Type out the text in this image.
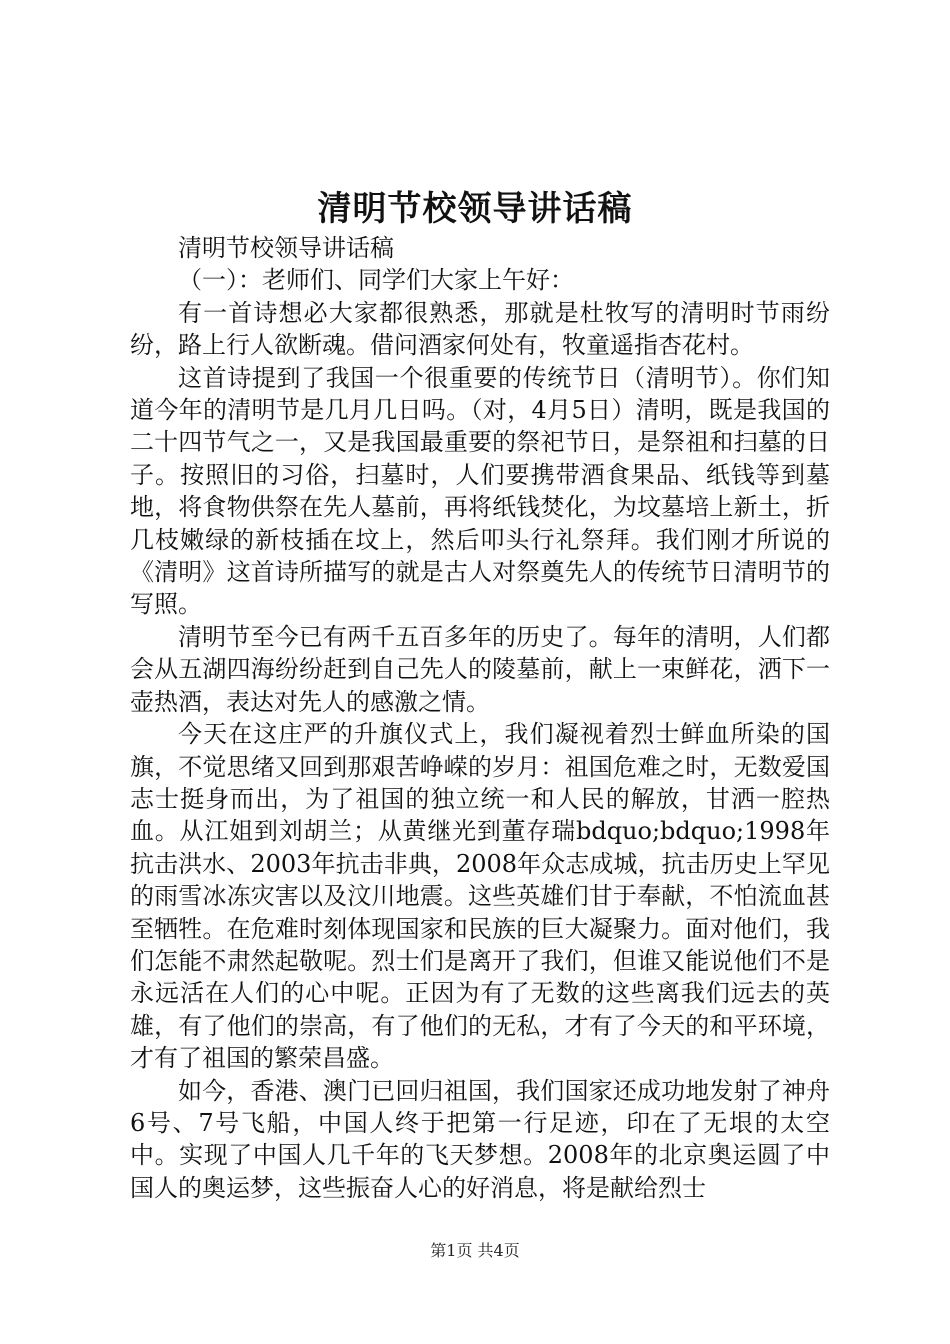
清明节校领导讲话稿

清明节校领导讲话稿

（一）：老师们、同学们大家上午好：

有一首诗想必大家都很熟悉，那就是杜牧写的清明时节雨纷纷，路上行人欲断魂。借问酒家何处有，牧童遥指杏花村。

这首诗提到了我国一个很重要的传统节日（清明节）。你们知道今年的清明节是几月几日吗。（对，4月5日）清明，既是我国的二十四节气之一，又是我国最重要的祭祀节日，是祭祖和扫墓的日子。按照旧的习俗，扫墓时，人们要携带酒食果品、纸钱等到墓地，将食物供祭在先人墓前，再将纸钱焚化，为坟墓培上新土，折几枝嫩绿的新枝插在坟上，然后叩头行礼祭拜。我们刚才所说的《清明》这首诗所描写的就是古人对祭奠先人的传统节日清明节的写照。

清明节至今已有两千五百多年的历史了。每年的清明，人们都会从五湖四海纷纷赶到自己先人的陵墓前，献上一束鲜花，洒下一壶热酒，表达对先人的感激之情。

今天在这庄严的升旗仪式上，我们凝视着烈士鲜血所染的国旗，不觉思绪又回到那艰苦峥嵘的岁月：祖国危难之时，无数爱国志士挺身而出，为了祖国的独立统一和人民的解放，甘洒一腔热血。从江姐到刘胡兰；从黄继光到董存瑞bdquo;bdquo;1998年抗击洪水、2003年抗击非典，2008年众志成城，抗击历史上罕见的雨雪冰冻灾害以及汶川地震。这些英雄们甘于奉献，不怕流血甚至牺牲。在危难时刻体现国家和民族的巨大凝聚力。面对他们，我们怎能不肃然起敬呢。烈士们是离开了我们，但谁又能说他们不是永远活在人们的心中呢。正因为有了无数的这些离我们远去的英雄，有了他们的崇高，有了他们的无私，才有了今天的和平环境，才有了祖国的繁荣昌盛。

如今，香港、澳门已回归祖国，我们国家还成功地发射了神舟6号、7号飞船，中国人终于把第一行足迹，印在了无垠的太空中。实现了中国人几千年的飞天梦想。2008年的北京奥运圆了中国人的奥运梦，这些振奋人心的好消息，将是献给烈士

第1页 共4页
